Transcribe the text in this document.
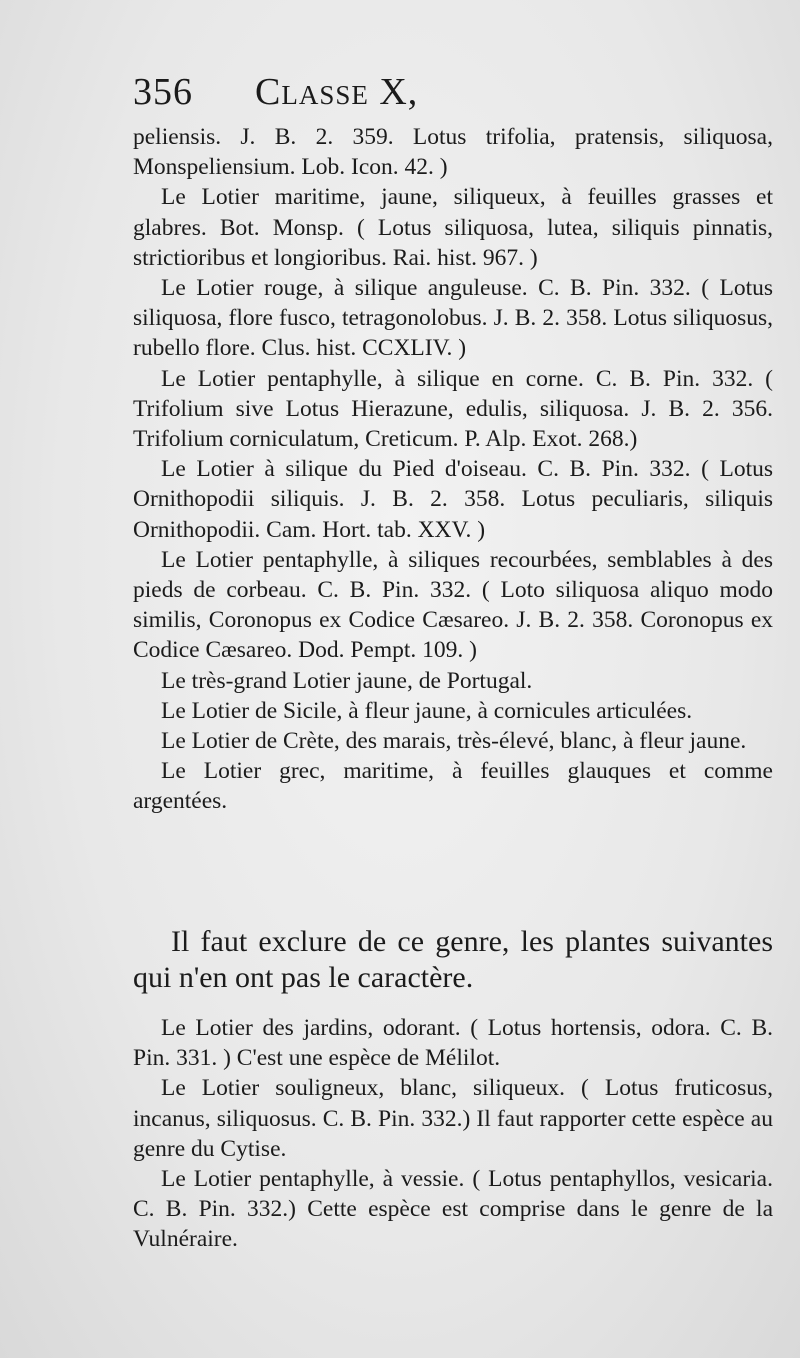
356 Classe X,

peliensis. J. B. 2. 359. Lotus trifolia, pratensis, siliquosa, Monspeliensium. Lob. Icon. 42. )

Le Lotier maritime, jaune, siliqueux, à feuilles grasses et glabres. Bot. Monsp. ( Lotus siliquosa, lutea, siliquis pinnatis, strictioribus et longioribus. Rai. hist. 967. )

Le Lotier rouge, à silique anguleuse. C. B. Pin. 332. ( Lotus siliquosa, flore fusco, tetragonolobus. J. B. 2. 358. Lotus siliquosus, rubello flore. Clus. hist. CCXLIV. )

Le Lotier pentaphylle, à silique en corne. C. B. Pin. 332. ( Trifolium sive Lotus Hierazune, edulis, siliquosa. J. B. 2. 356. Trifolium corniculatum, Creticum. P. Alp. Exot. 268.)

Le Lotier à silique du Pied d'oiseau. C. B. Pin. 332. ( Lotus Ornithopodii siliquis. J. B. 2. 358. Lotus peculiaris, siliquis Ornithopodii. Cam. Hort. tab. XXV. )

Le Lotier pentaphylle, à siliques recourbées, semblables à des pieds de corbeau. C. B. Pin. 332. ( Loto siliquosa aliquo modo similis, Coronopus ex Codice Cæsareo. J. B. 2. 358. Coronopus ex Codice Cæsareo. Dod. Pempt. 109. )

Le très-grand Lotier jaune, de Portugal.

Le Lotier de Sicile, à fleur jaune, à cornicules articulées.

Le Lotier de Crète, des marais, très-élevé, blanc, à fleur jaune.

Le Lotier grec, maritime, à feuilles glauques et comme argentées.

Il faut exclure de ce genre, les plantes suivantes qui n'en ont pas le caractère.

Le Lotier des jardins, odorant. ( Lotus hortensis, odora. C. B. Pin. 331. ) C'est une espèce de Mélilot.

Le Lotier souligneux, blanc, siliqueux. ( Lotus fruticosus, incanus, siliquosus. C. B. Pin. 332.) Il faut rapporter cette espèce au genre du Cytise.

Le Lotier pentaphylle, à vessie. ( Lotus pentaphyllos, vesicaria. C. B. Pin. 332.) Cette espèce est comprise dans le genre de la Vulnéraire.
